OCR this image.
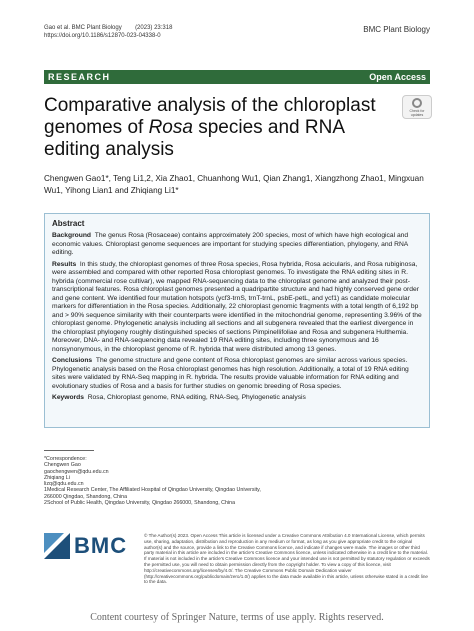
Gao et al. BMC Plant Biology (2023) 23:318
https://doi.org/10.1186/s12870-023-04338-0
BMC Plant Biology
RESEARCH	Open Access
Check for updates
Comparative analysis of the chloroplast genomes of Rosa species and RNA editing analysis
Chengwen Gao1*, Teng Li1,2, Xia Zhao1, Chuanhong Wu1, Qian Zhang1, Xiangzhong Zhao1, Mingxuan Wu1, Yihong Lian1 and Zhiqiang Li1*
Abstract

Background The genus Rosa (Rosaceae) contains approximately 200 species, most of which have high ecological and economic values. Chloroplast genome sequences are important for studying species differentiation, phylogeny, and RNA editing.

Results In this study, the chloroplast genomes of three Rosa species, Rosa hybrida, Rosa acicularis, and Rosa rubiginosa, were assembled and compared with other reported Rosa chloroplast genomes. To investigate the RNA editing sites in R. hybrida (commercial rose cultivar), we mapped RNA-sequencing data to the chloroplast genome and analyzed their post-transcriptional features. Rosa chloroplast genomes presented a quadripartite structure and had highly conserved gene order and gene content. We identified four mutation hotspots (ycf3-trnS, trnT-trnL, psbE-petL, and ycf1) as candidate molecular markers for differentiation in the Rosa species. Additionally, 22 chloroplast genomic fragments with a total length of 6,192 bp and > 90% sequence similarity with their counterparts were identified in the mitochondrial genome, representing 3.96% of the chloroplast genome. Phylogenetic analysis including all sections and all subgenera revealed that the earliest divergence in the chloroplast phylogeny roughly distinguished species of sections Pimpinellifoliae and Rosa and subgenera Hulthemia. Moreover, DNA- and RNA-sequencing data revealed 19 RNA editing sites, including three synonymous and 16 nonsynonymous, in the chloroplast genome of R. hybrida that were distributed among 13 genes.

Conclusions The genome structure and gene content of Rosa chloroplast genomes are similar across various species. Phylogenetic analysis based on the Rosa chloroplast genomes has high resolution. Additionally, a total of 19 RNA editing sites were validated by RNA-Seq mapping in R. hybrida. The results provide valuable information for RNA editing and evolutionary studies of Rosa and a basis for further studies on genomic breeding of Rosa species.

Keywords Rosa, Chloroplast genome, RNA editing, RNA-Seq, Phylogenetic analysis

*Correspondence:
Chengwen Gao
gaochengwen@qdu.edu.cn
Zhiqiang Li
lizq@qdu.edu.cn
1Medical Research Center, The Affiliated Hospital of Qingdao University, Qingdao University, 266000 Qingdao, Shandong, China
2School of Public Health, Qingdao University, Qingdao 266000, Shandong, China
BMC	© The Author(s) 2023. Open Access This article is licensed under a Creative Commons Attribution 4.0 International License, which permits use, sharing, adaptation, distribution and reproduction in any medium or format, as long as you give appropriate credit to the original author(s) and the source, provide a link to the Creative Commons licence, and indicate if changes were made. The images or other third party material in this article are included in the article's Creative Commons licence, unless indicated otherwise in a credit line to the material. If material is not included in the article's Creative Commons licence and your intended use is not permitted by statutory regulation or exceeds the permitted use, you will need to obtain permission directly from the copyright holder. To view a copy of this licence, visit http://creativecommons.org/licenses/by/4.0/. The Creative Commons Public Domain Dedication waiver (http://creativecommons.org/publicdomain/zero/1.0/) applies to the data made available in this article, unless otherwise stated in a credit line to the data.
Content courtesy of Springer Nature, terms of use apply. Rights reserved.
